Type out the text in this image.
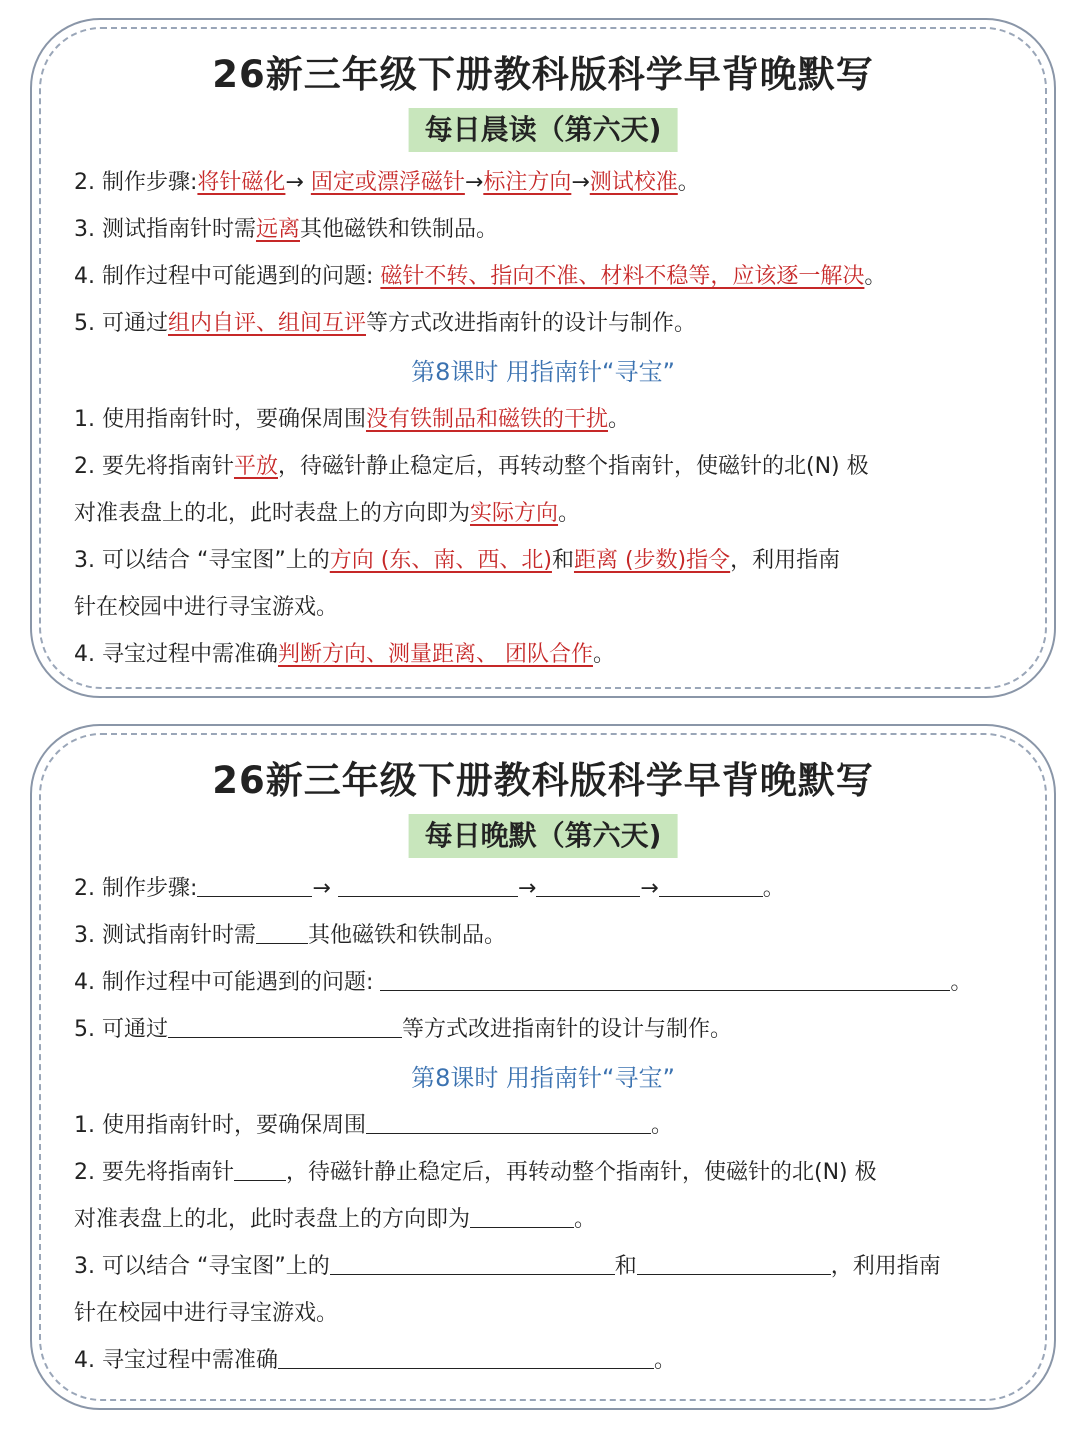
26新三年级下册教科版科学早背晚默写
每日晨读（第六天)
2. 制作步骤:将针磁化→ 固定或漂浮磁针→标注方向→测试校准。
3. 测试指南针时需远离其他磁铁和铁制品。
4. 制作过程中可能遇到的问题: 磁针不转、指向不准、材料不稳等，应该逐一解决。
5. 可通过组内自评、组间互评等方式改进指南针的设计与制作。
第8课时 用指南针“寻宝”
1. 使用指南针时，要确保周围没有铁制品和磁铁的干扰。
2. 要先将指南针平放，待磁针静止稳定后，再转动整个指南针，使磁针的北(N) 极
对准表盘上的北，此时表盘上的方向即为实际方向。
3. 可以结合 “寻宝图”上的方向 (东、南、西、北)和距离 (步数)指令，利用指南
针在校园中进行寻宝游戏。
4. 寻宝过程中需准确判断方向、测量距离、 团队合作。
26新三年级下册教科版科学早背晚默写
每日晚默（第六天)
2. 制作步骤:	→	→	→	。
3. 测试指南针时需 其他磁铁和铁制品。
4. 制作过程中可能遇到的问题:	。
5. 可通过	等方式改进指南针的设计与制作。
第8课时 用指南针“寻宝”
1. 使用指南针时，要确保周围	。
2. 要先将指南针 ，待磁针静止稳定后，再转动整个指南针，使磁针的北(N) 极
对准表盘上的北，此时表盘上的方向即为	。
3. 可以结合 “寻宝图”上的	和	，利用指南
针在校园中进行寻宝游戏。
4. 寻宝过程中需准确	。
